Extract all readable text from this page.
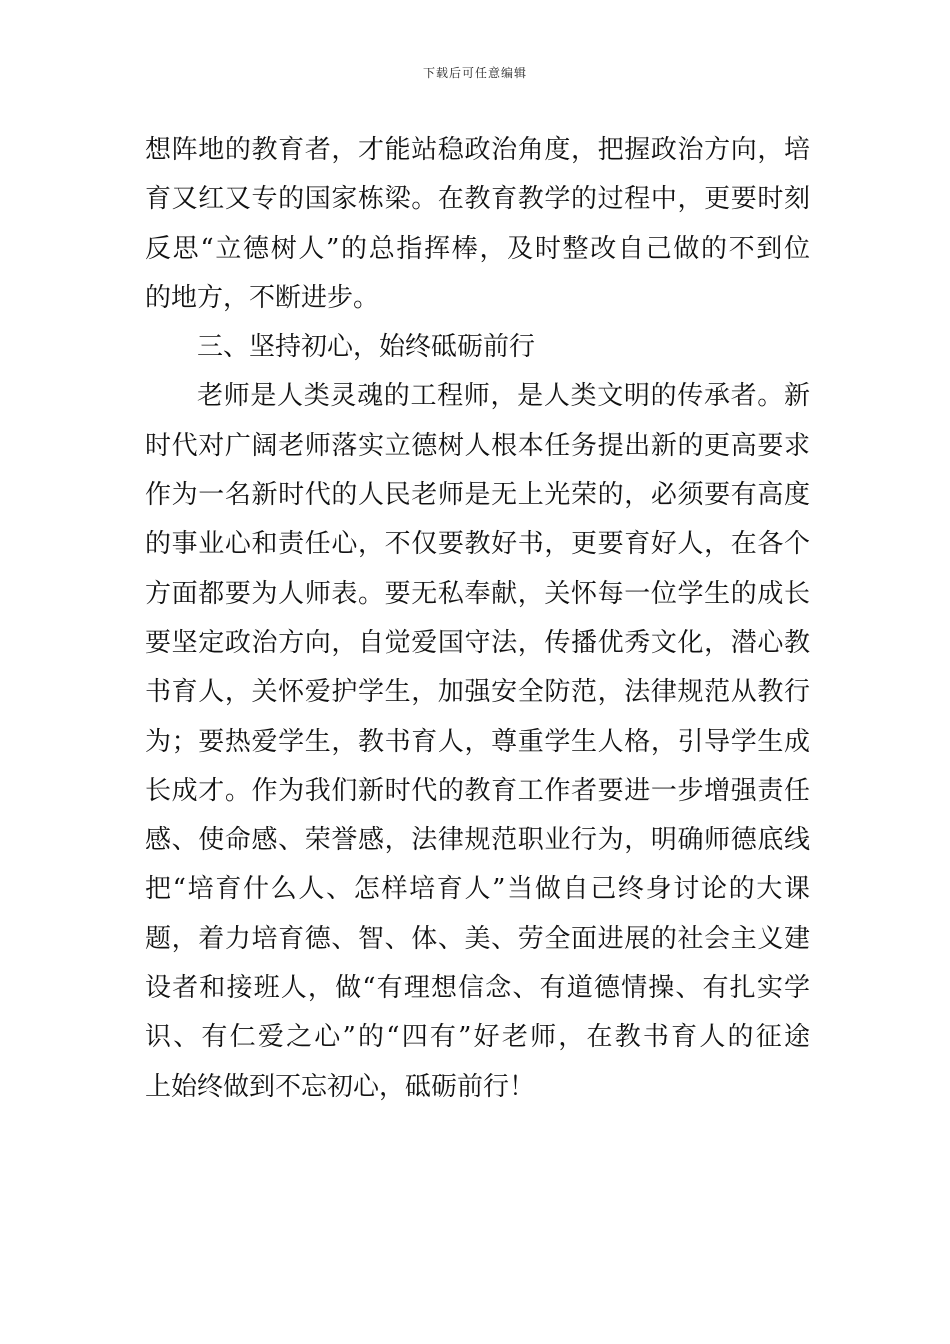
下载后可任意编辑
想阵地的教育者，才能站稳政治角度，把握政治方向，培
育又红又专的国家栋梁。在教育教学的过程中，更要时刻
反思“立德树人”的总指挥棒，及时整改自己做的不到位
的地方，不断进步。
三、坚持初心，始终砥砺前行
老师是人类灵魂的工程师，是人类文明的传承者。新
时代对广阔老师落实立德树人根本任务提出新的更高要求
作为一名新时代的人民老师是无上光荣的，必须要有高度
的事业心和责任心，不仅要教好书，更要育好人，在各个
方面都要为人师表。要无私奉献，关怀每一位学生的成长
要坚定政治方向，自觉爱国守法，传播优秀文化，潜心教
书育人，关怀爱护学生，加强安全防范，法律规范从教行
为；要热爱学生，教书育人，尊重学生人格，引导学生成
长成才。作为我们新时代的教育工作者要进一步增强责任
感、使命感、荣誉感，法律规范职业行为，明确师德底线
把“培育什么人、怎样培育人”当做自己终身讨论的大课
题，着力培育德、智、体、美、劳全面进展的社会主义建
设者和接班人，做“有理想信念、有道德情操、有扎实学
识、有仁爱之心”的“四有”好老师，在教书育人的征途
上始终做到不忘初心，砥砺前行！
